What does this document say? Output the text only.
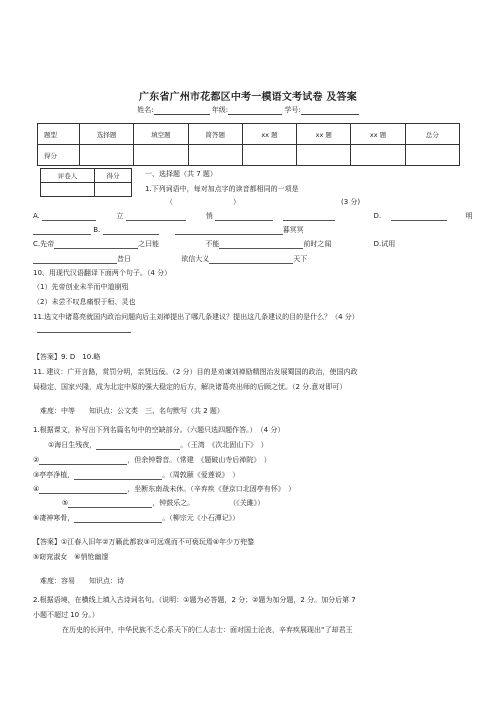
广东省广州市花都区中考一模语文考试卷 及答案
姓名:	年级:	学号:
题型	选择题	填空题	简答题	xx 题	xx 题	xx 题	总分
得分							
评卷人	得分
		一、选择题（共 7 题）
1.下列词语中，每对加点字的读音都相同的一项是
（	）	(3 分)
A.	立	悄	D.	明
B.	暮冥冥
C.先帝	之曰能	不能	前时之闻	D.试用
昔日	欲信大义	天下
10、用现代汉语翻译下面两个句子。（4 分）
（1）先帝创业未半而中道崩殂
（2）未尝不叹息痛恨于桓、灵也
11.选文中诸葛亮就国内政治问题向后主刘禅提出了哪几条建议？提出这几条建议的目的是什么？（4 分）
【答案】9. D　10.略
11. 建议：广开言路，赏罚分明，亲贤远佞。（2 分）目的是劝谏刘禅励精图治发展蜀国的政治，使国内政
局稳定，国家兴隆，成为北定中原的强大稳定的后方，解决诸葛亮出师的后顾之忧。（2 分.意对即可）
难度：中等　　知识点：公文类　三、名句默写（共 2 题）
1.根据课文，补写出下列名篇名句中的空缺部分。（六题只选四题作答。）　（4 分）
①海日生残夜，	。（王湾　《次北固山下》　）
②	，但余钟磬音。（常建　《题破山寺后禅院》　）
③亭亭净植，	。（周敦颐《爱莲说》　）
④	，坐断东南战未休。（辛弃疾《登京口北固亭有怀》　）
⑤	，钟鼓乐之。　　　　　　（《关雎》）
⑥凄神寒骨，	。（柳宗元《小石潭记》）
【答案】①江春入旧年②万籁此都寂③可远观而不可亵玩焉④年少万兜鍪
⑤窈窕淑女　⑥悄怆幽邃
难度：容易　　知识点：诗
2.根据语境，在横线上填入古诗词名句。（说明：①题为必答题，2 分；②题为加分题，2 分。加分后第 7
小题不超过 10 分。）
在历史的长河中，中华民族不乏心系天下的仁人志士：面对国土沦丧，辛弃疾展现出“了却君王
